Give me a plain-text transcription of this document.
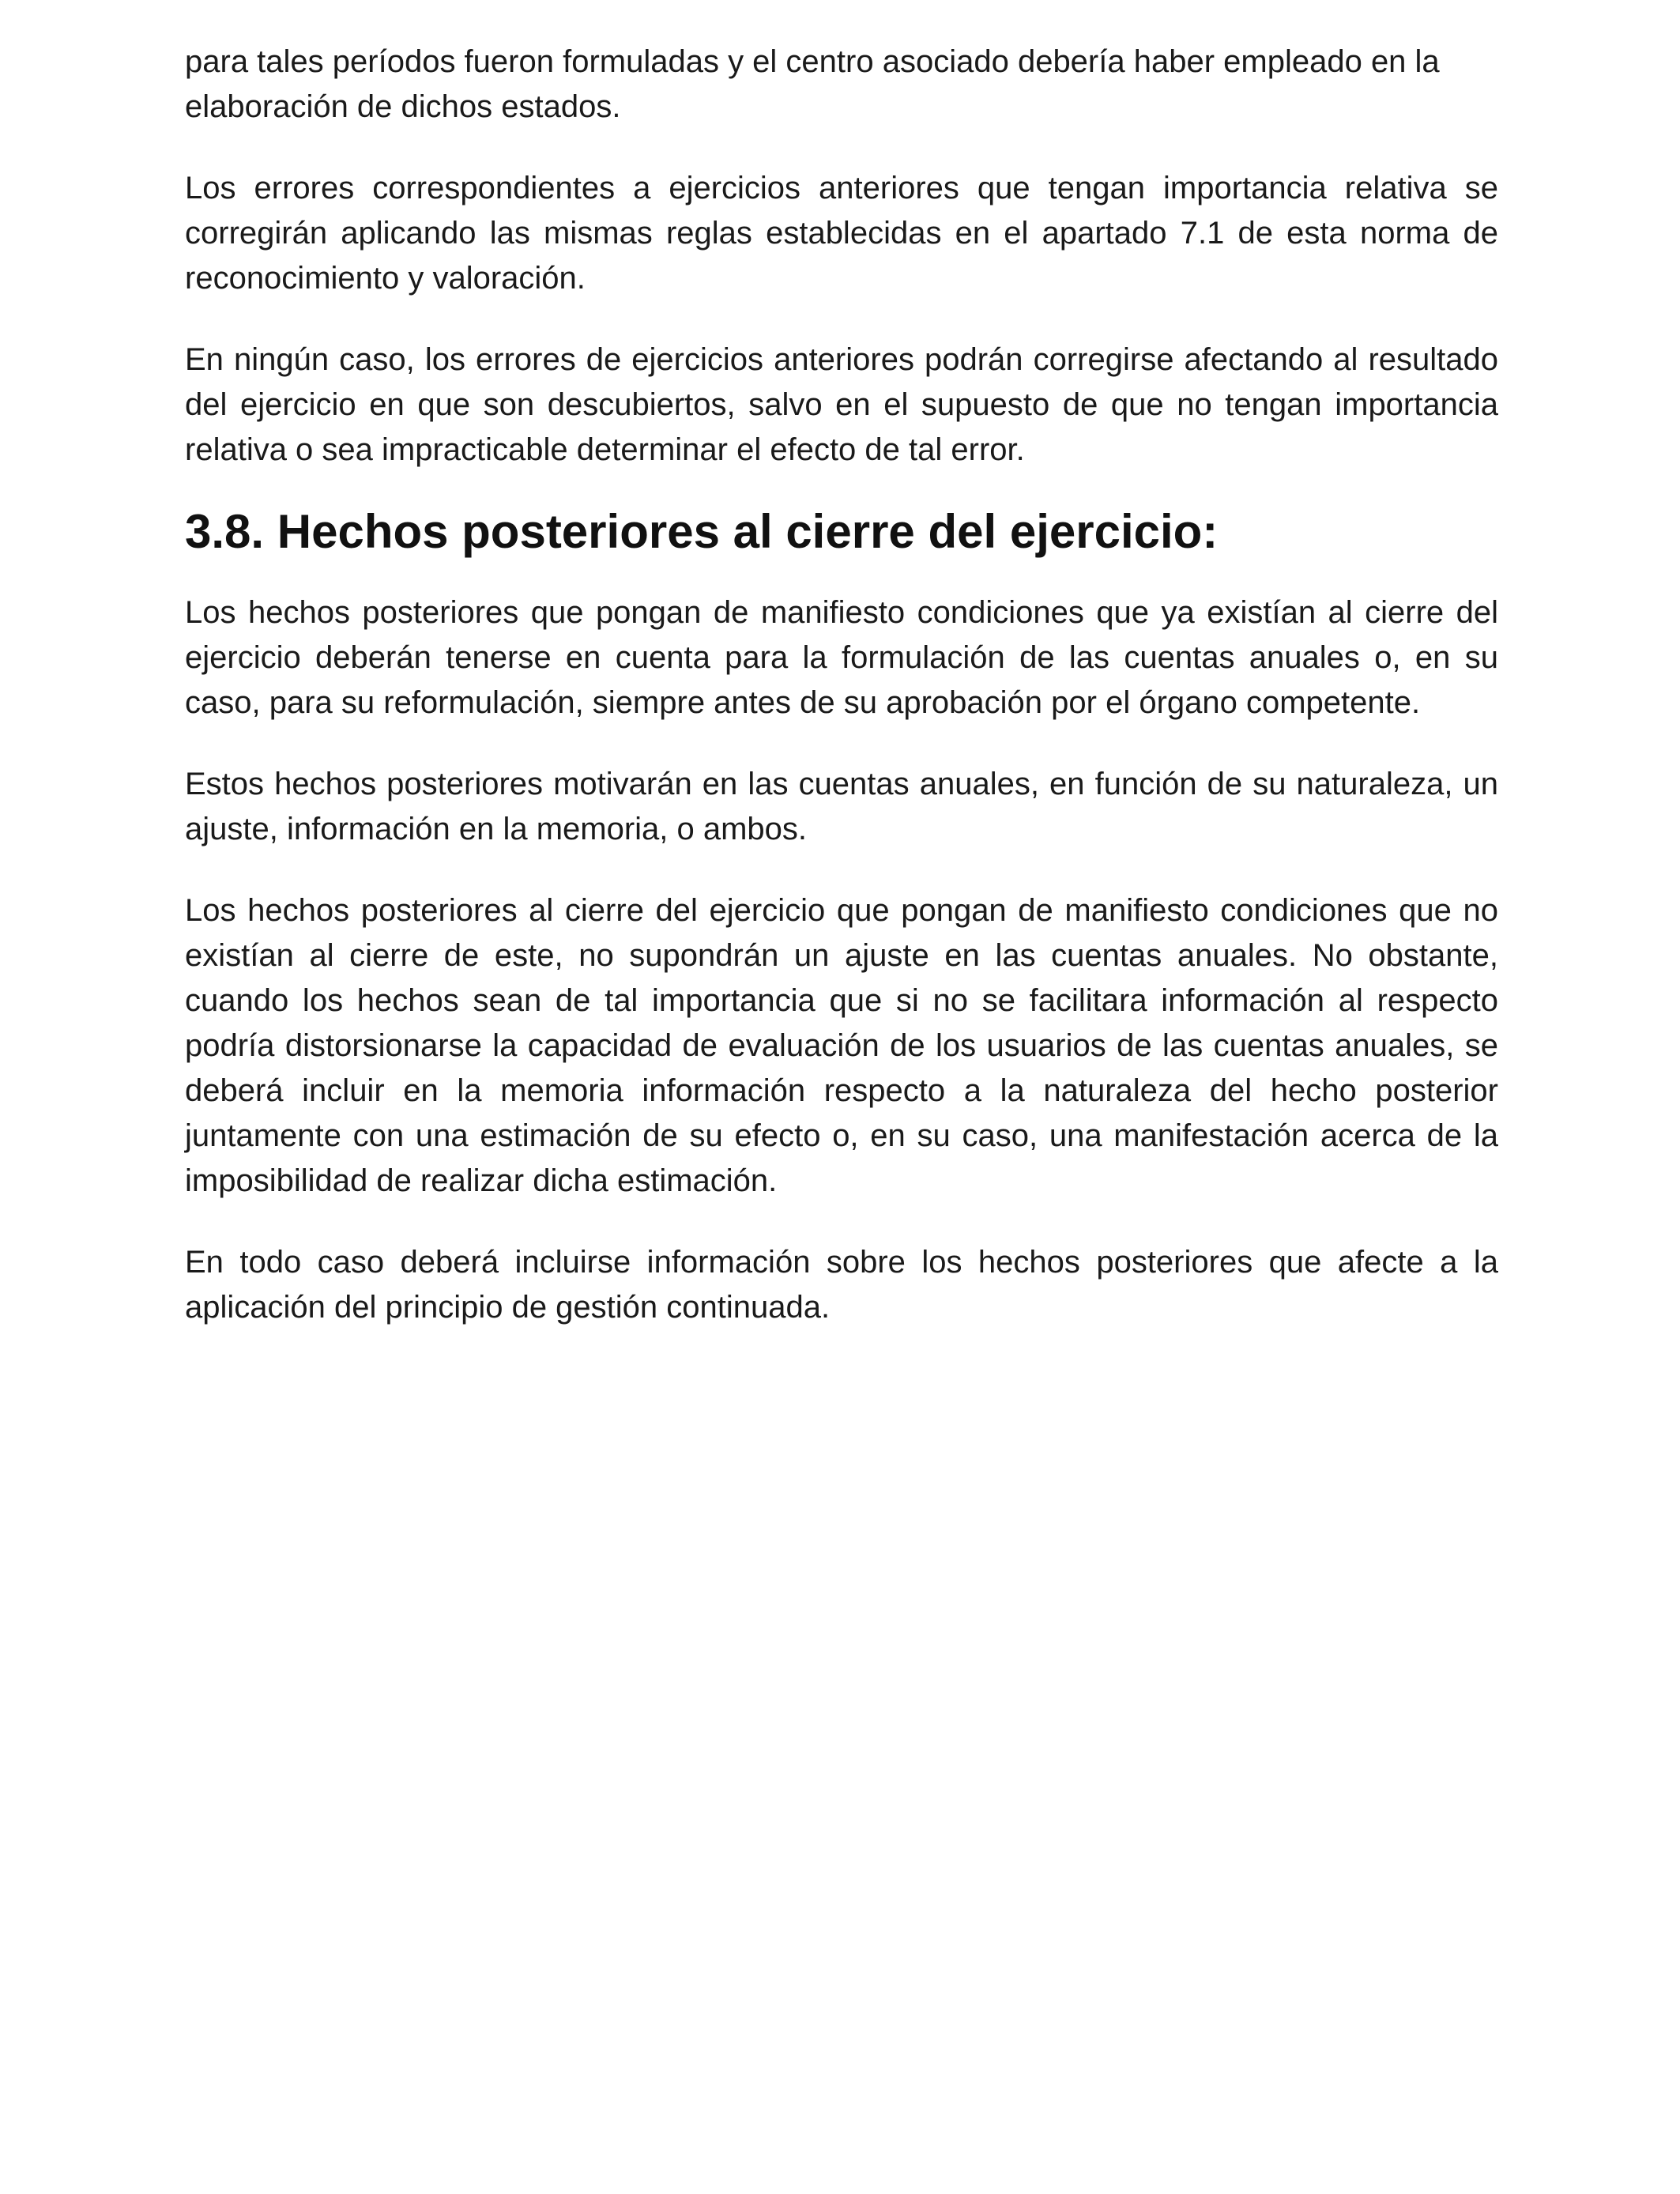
para tales períodos fueron formuladas y el centro asociado debería haber empleado en la elaboración de dichos estados.

Los errores correspondientes a ejercicios anteriores que tengan importancia relativa se corregirán aplicando las mismas reglas establecidas en el apartado 7.1 de esta norma de reconocimiento y valoración.

En ningún caso, los errores de ejercicios anteriores podrán corregirse afectando al resultado del ejercicio en que son descubiertos, salvo en el supuesto de que no tengan importancia relativa o sea impracticable determinar el efecto de tal error.

3.8. Hechos posteriores al cierre del ejercicio:

Los hechos posteriores que pongan de manifiesto condiciones que ya existían al cierre del ejercicio deberán tenerse en cuenta para la formulación de las cuentas anuales o, en su caso, para su reformulación, siempre antes de su aprobación por el órgano competente.

Estos hechos posteriores motivarán en las cuentas anuales, en función de su naturaleza, un ajuste, información en la memoria, o ambos.

Los hechos posteriores al cierre del ejercicio que pongan de manifiesto condiciones que no existían al cierre de este, no supondrán un ajuste en las cuentas anuales. No obstante, cuando los hechos sean de tal importancia que si no se facilitara información al respecto podría distorsionarse la capacidad de evaluación de los usuarios de las cuentas anuales, se deberá incluir en la memoria información respecto a la naturaleza del hecho posterior juntamente con una estimación de su efecto o, en su caso, una manifestación acerca de la imposibilidad de realizar dicha estimación.

En todo caso deberá incluirse información sobre los hechos posteriores que afecte a la aplicación del principio de gestión continuada.
